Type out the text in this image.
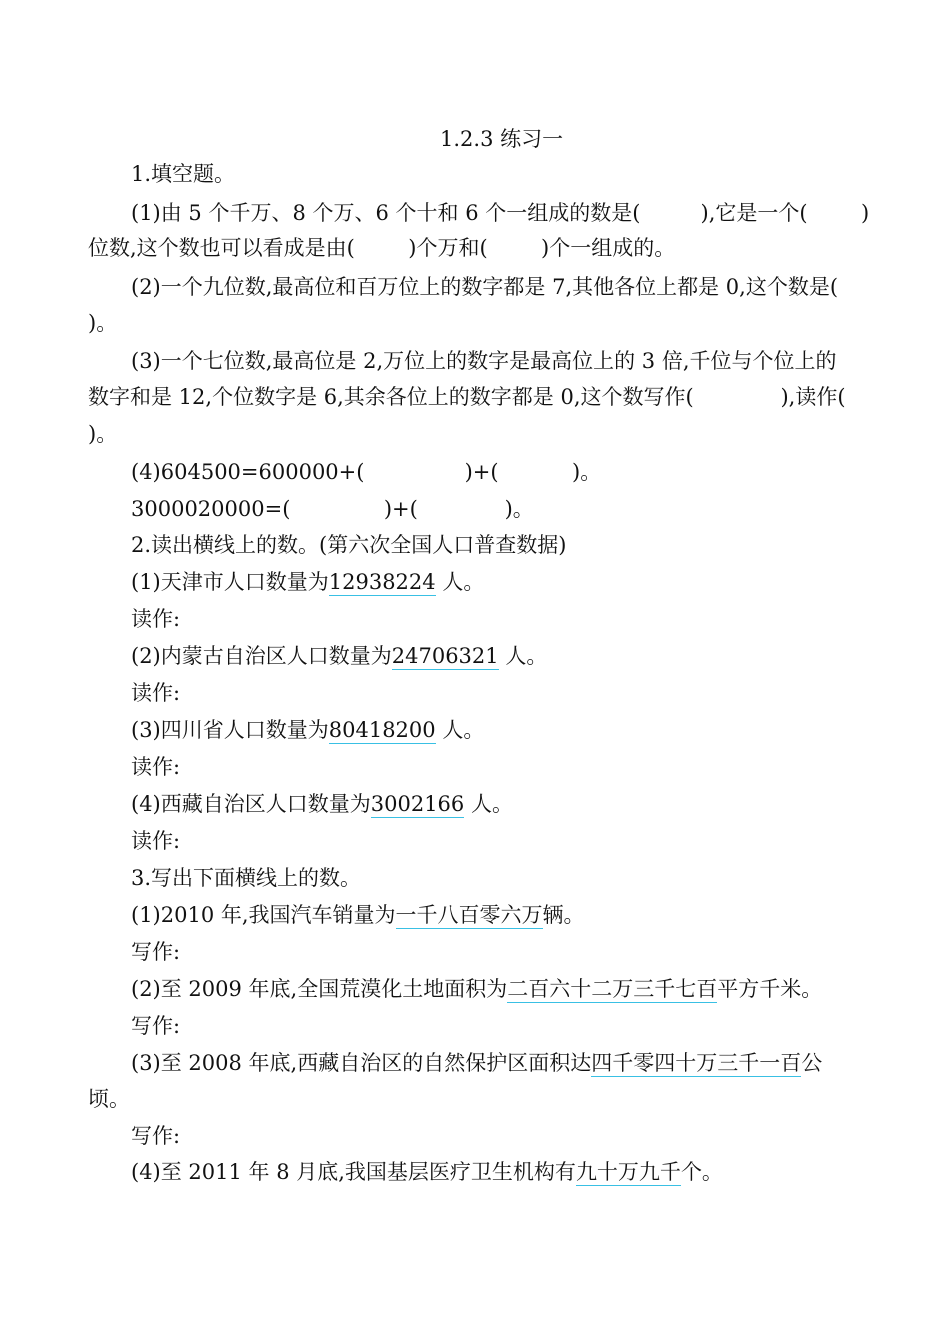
1.2.3 练习一
1.填空题。
(1)由 5 个千万、8 个万、6 个十和 6 个一组成的数是(         ),它是一个(        )
位数,这个数也可以看成是由(        )个万和(        )个一组成的。
(2)一个九位数,最高位和百万位上的数字都是 7,其他各位上都是 0,这个数是(
)。
(3)一个七位数,最高位是 2,万位上的数字是最高位上的 3 倍,千位与个位上的
数字和是 12,个位数字是 6,其余各位上的数字都是 0,这个数写作(             ),读作(
)。
(4)604500=600000+(               )+(           )。
3000020000=(              )+(             )。
2.读出横线上的数。(第六次全国人口普查数据)
(1)天津市人口数量为12938224 人。
读作:
(2)内蒙古自治区人口数量为24706321 人。
读作:
(3)四川省人口数量为80418200 人。
读作:
(4)西藏自治区人口数量为3002166 人。
读作:
3.写出下面横线上的数。
(1)2010 年,我国汽车销量为一千八百零六万辆。
写作:
(2)至 2009 年底,全国荒漠化土地面积为二百六十二万三千七百平方千米。
写作:
(3)至 2008 年底,西藏自治区的自然保护区面积达四千零四十万三千一百公
顷。
写作:
(4)至 2011 年 8 月底,我国基层医疗卫生机构有九十万九千个。
